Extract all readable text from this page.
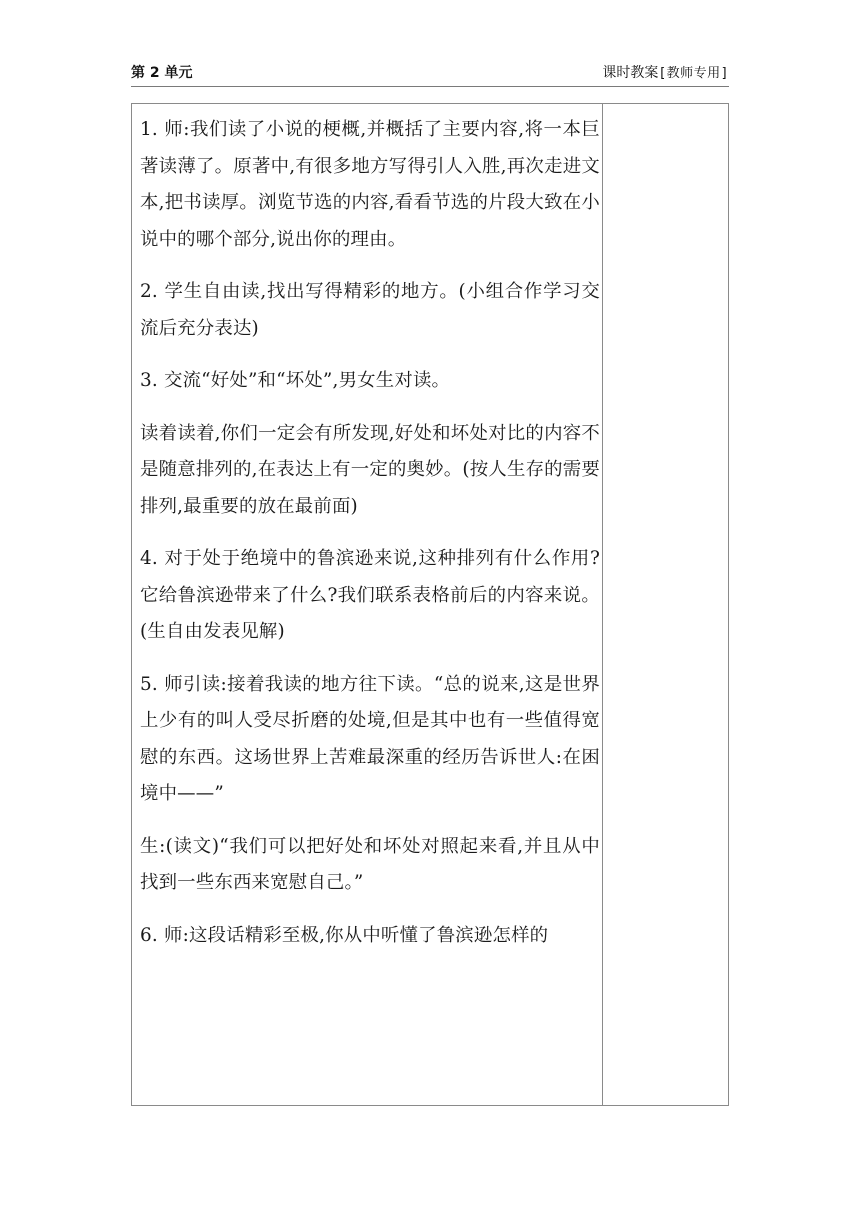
第 2 单元	课时教案[教师专用]

1. 师:我们读了小说的梗概,并概括了主要内容,将一本巨著读薄了。原著中,有很多地方写得引人入胜,再次走进文本,把书读厚。浏览节选的内容,看看节选的片段大致在小说中的哪个部分,说出你的理由。

2. 学生自由读,找出写得精彩的地方。(小组合作学习交流后充分表达)

3. 交流“好处”和“坏处”,男女生对读。

读着读着,你们一定会有所发现,好处和坏处对比的内容不是随意排列的,在表达上有一定的奥妙。(按人生存的需要排列,最重要的放在最前面)

4. 对于处于绝境中的鲁滨逊来说,这种排列有什么作用?它给鲁滨逊带来了什么?我们联系表格前后的内容来说。(生自由发表见解)

5. 师引读:接着我读的地方往下读。“总的说来,这是世界上少有的叫人受尽折磨的处境,但是其中也有一些值得宽慰的东西。这场世界上苦难最深重的经历告诉世人:在困境中——”

生:(读文)“我们可以把好处和坏处对照起来看,并且从中找到一些东西来宽慰自己。”

6. 师:这段话精彩至极,你从中听懂了鲁滨逊怎样的
